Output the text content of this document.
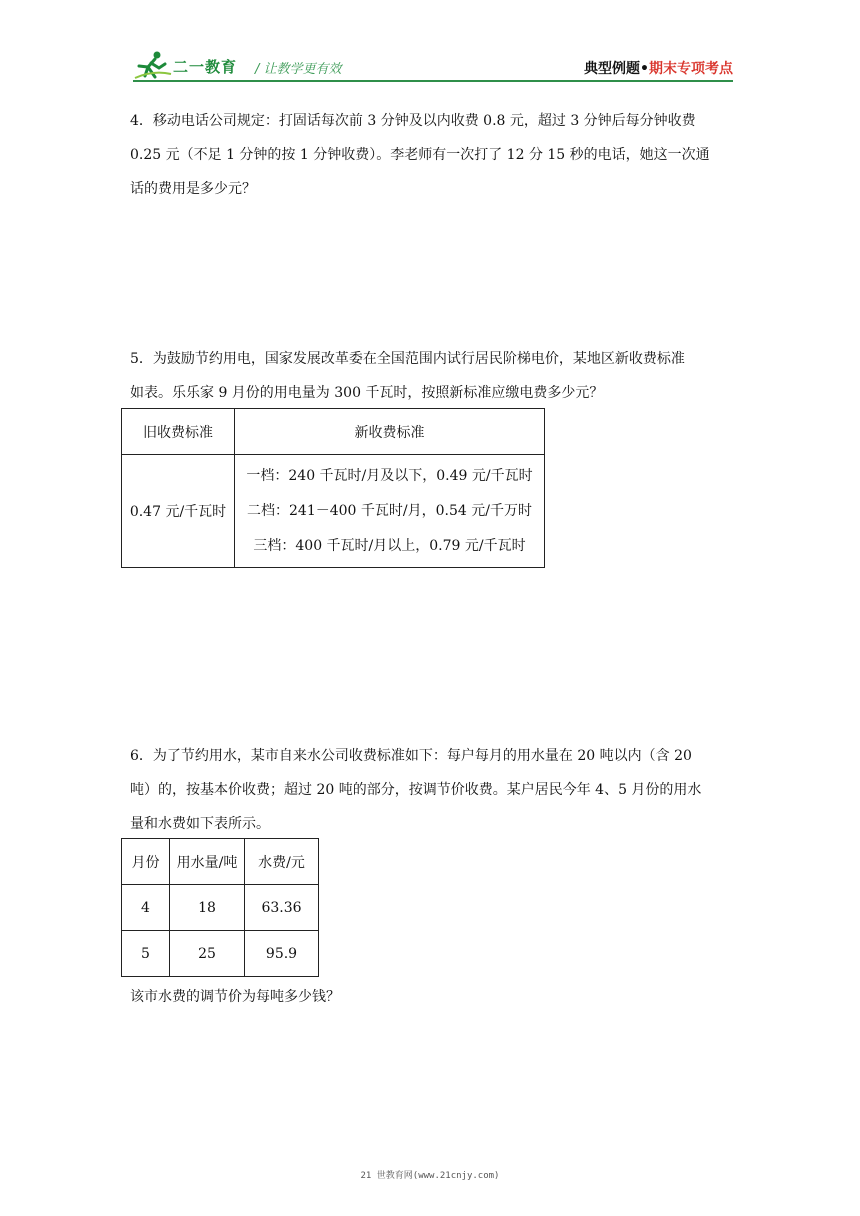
二一教育 / 让教学更有效	典型例题•期末专项考点
4．移动电话公司规定：打固话每次前 3 分钟及以内收费 0.8 元，超过 3 分钟后每分钟收费
0.25 元（不足 1 分钟的按 1 分钟收费）。李老师有一次打了 12 分 15 秒的电话，她这一次通
话的费用是多少元？
5．为鼓励节约用电，国家发展改革委在全国范围内试行居民阶梯电价，某地区新收费标准
如表。乐乐家 9 月份的用电量为 300 千瓦时，按照新标准应缴电费多少元？
旧收费标准	新收费标准
0.47 元/千瓦时	一档：240 千瓦时/月及以下，0.49 元/千瓦时
二档：241－400 千瓦时/月，0.54 元/千万时
三档：400 千瓦时/月以上，0.79 元/千瓦时
6．为了节约用水，某市自来水公司收费标准如下：每户每月的用水量在 20 吨以内（含 20
吨）的，按基本价收费；超过 20 吨的部分，按调节价收费。某户居民今年 4、5 月份的用水
量和水费如下表所示。
月份	用水量/吨	水费/元
4	18	63.36
5	25	95.9
该市水费的调节价为每吨多少钱？
21 世教育网(www.21cnjy.com)
